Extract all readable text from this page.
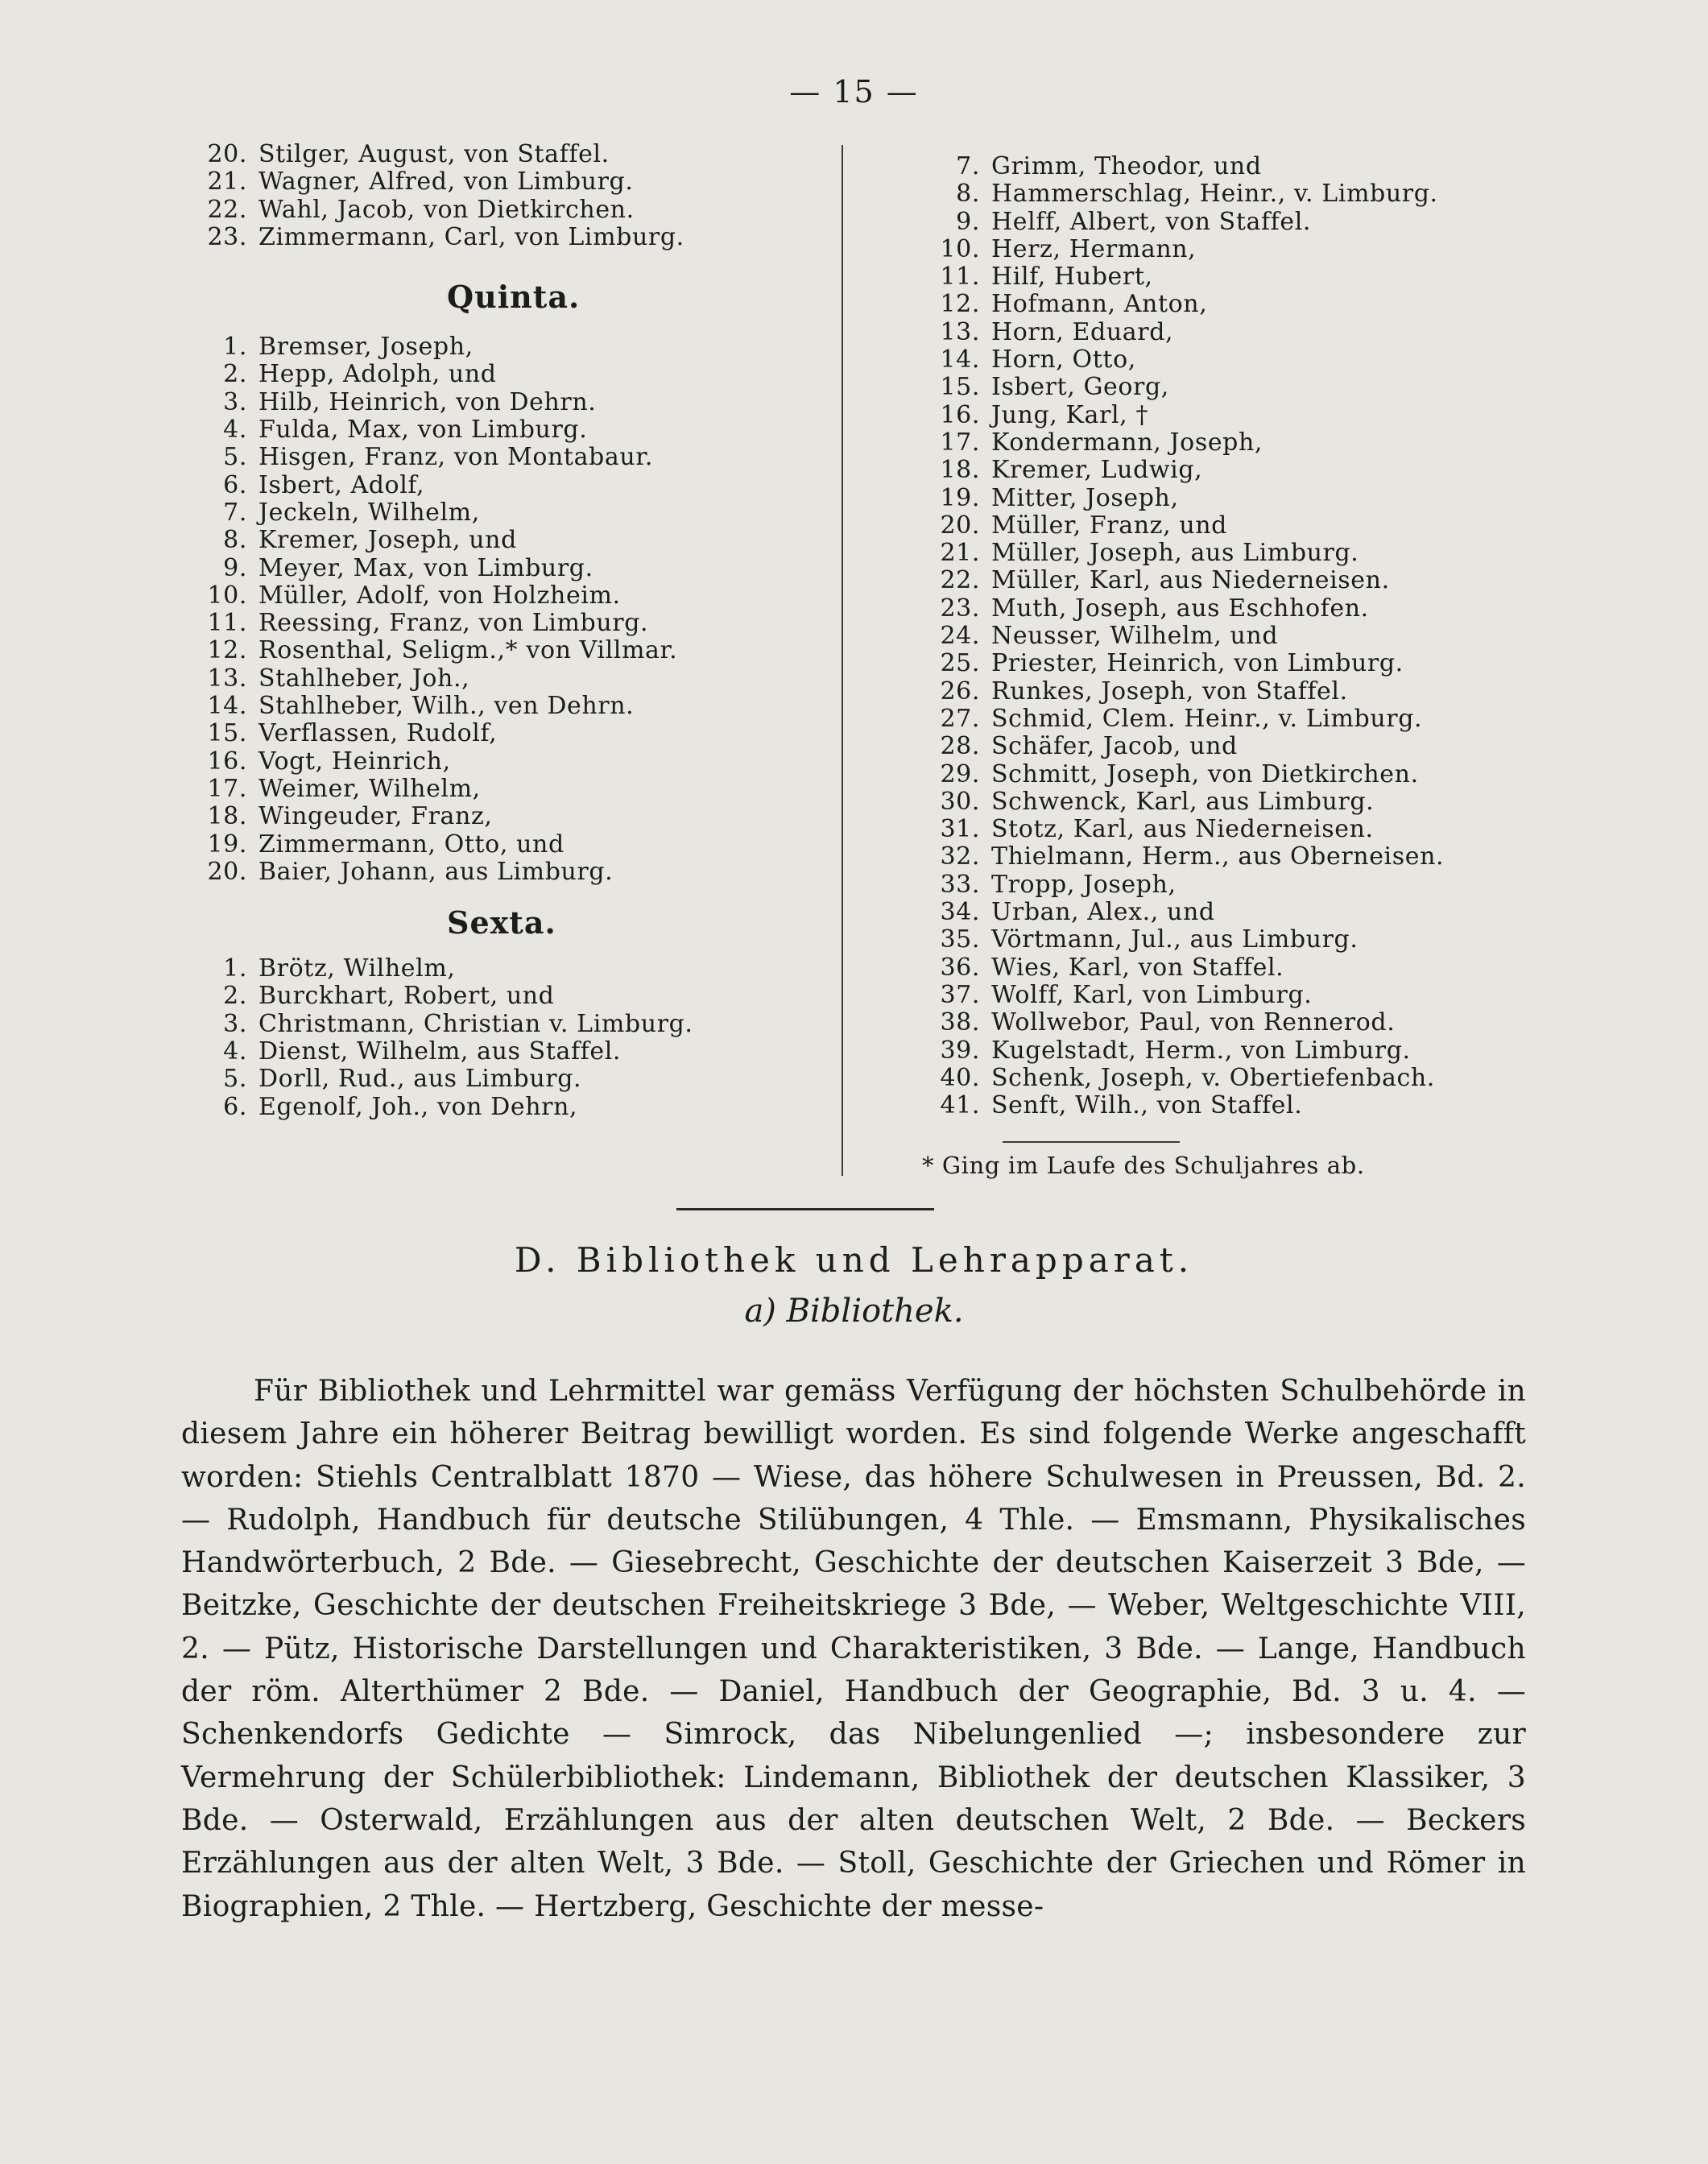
— 15 —
20. Stilger, August, von Staffel.
21. Wagner, Alfred, von Limburg.
22. Wahl, Jacob, von Dietkirchen.
23. Zimmermann, Carl, von Limburg.
Quinta.
1. Bremser, Joseph,
2. Hepp, Adolph, und
3. Hilb, Heinrich, von Dehrn.
4. Fulda, Max, von Limburg.
5. Hisgen, Franz, von Montabaur.
6. Isbert, Adolf,
7. Jeckeln, Wilhelm,
8. Kremer, Joseph, und
9. Meyer, Max, von Limburg.
10. Müller, Adolf, von Holzheim.
11. Reessing, Franz, von Limburg.
12. Rosenthal, Seligm.,* von Villmar.
13. Stahlheber, Joh.,
14. Stahlheber, Wilh., ven Dehrn.
15. Verflassen, Rudolf,
16. Vogt, Heinrich,
17. Weimer, Wilhelm,
18. Wingeuder, Franz,
19. Zimmermann, Otto, und
20. Baier, Johann, aus Limburg.
Sexta.
1. Brötz, Wilhelm,
2. Burckhart, Robert, und
3. Christmann, Christian v. Limburg.
4. Dienst, Wilhelm, aus Staffel.
5. Dorll, Rud., aus Limburg.
6. Egenolf, Joh., von Dehrn,
7. Grimm, Theodor, und
8. Hammerschlag, Heinr., v. Limburg.
9. Helff, Albert, von Staffel.
10. Herz, Hermann,
11. Hilf, Hubert,
12. Hofmann, Anton,
13. Horn, Eduard,
14. Horn, Otto,
15. Isbert, Georg,
16. Jung, Karl, †
17. Kondermann, Joseph,
18. Kremer, Ludwig,
19. Mitter, Joseph,
20. Müller, Franz, und
21. Müller, Joseph, aus Limburg.
22. Müller, Karl, aus Niederneisen.
23. Muth, Joseph, aus Eschhofen.
24. Neusser, Wilhelm, und
25. Priester, Heinrich, von Limburg.
26. Runkes, Joseph, von Staffel.
27. Schmid, Clem. Heinr., v. Limburg.
28. Schäfer, Jacob, und
29. Schmitt, Joseph, von Dietkirchen.
30. Schwenck, Karl, aus Limburg.
31. Stotz, Karl, aus Niederneisen.
32. Thielmann, Herm., aus Oberneisen.
33. Tropp, Joseph,
34. Urban, Alex., und
35. Vörtmann, Jul., aus Limburg.
36. Wies, Karl, von Staffel.
37. Wolff, Karl, von Limburg.
38. Wollwebor, Paul, von Rennerod.
39. Kugelstadt, Herm., von Limburg.
40. Schenk, Joseph, v. Obertiefenbach.
41. Senft, Wilh., von Staffel.
* Ging im Laufe des Schuljahres ab.
D. Bibliothek und Lehrapparat.
a) Bibliothek.

Für Bibliothek und Lehrmittel war gemäss Verfügung der höchsten Schulbehörde in diesem Jahre ein höherer Beitrag bewilligt worden. Es sind folgende Werke angeschafft worden: Stiehls Centralblatt 1870 — Wiese, das höhere Schulwesen in Preussen, Bd. 2. — Rudolph, Handbuch für deutsche Stilübungen, 4 Thle. — Emsmann, Physikalisches Handwörterbuch, 2 Bde. — Giesebrecht, Geschichte der deutschen Kaiserzeit 3 Bde, — Beitzke, Geschichte der deutschen Freiheitskriege 3 Bde, — Weber, Weltgeschichte VIII, 2. — Pütz, Historische Darstellungen und Charakteristiken, 3 Bde. — Lange, Handbuch der röm. Alterthümer 2 Bde. — Daniel, Handbuch der Geographie, Bd. 3 u. 4. — Schenkendorfs Gedichte — Simrock, das Nibelungenlied —; insbesondere zur Vermehrung der Schülerbibliothek: Lindemann, Bibliothek der deutschen Klassiker, 3 Bde. — Osterwald, Erzählungen aus der alten deutschen Welt, 2 Bde. — Beckers Erzählungen aus der alten Welt, 3 Bde. — Stoll, Geschichte der Griechen und Römer in Biographien, 2 Thle. — Hertzberg, Geschichte der messe-
